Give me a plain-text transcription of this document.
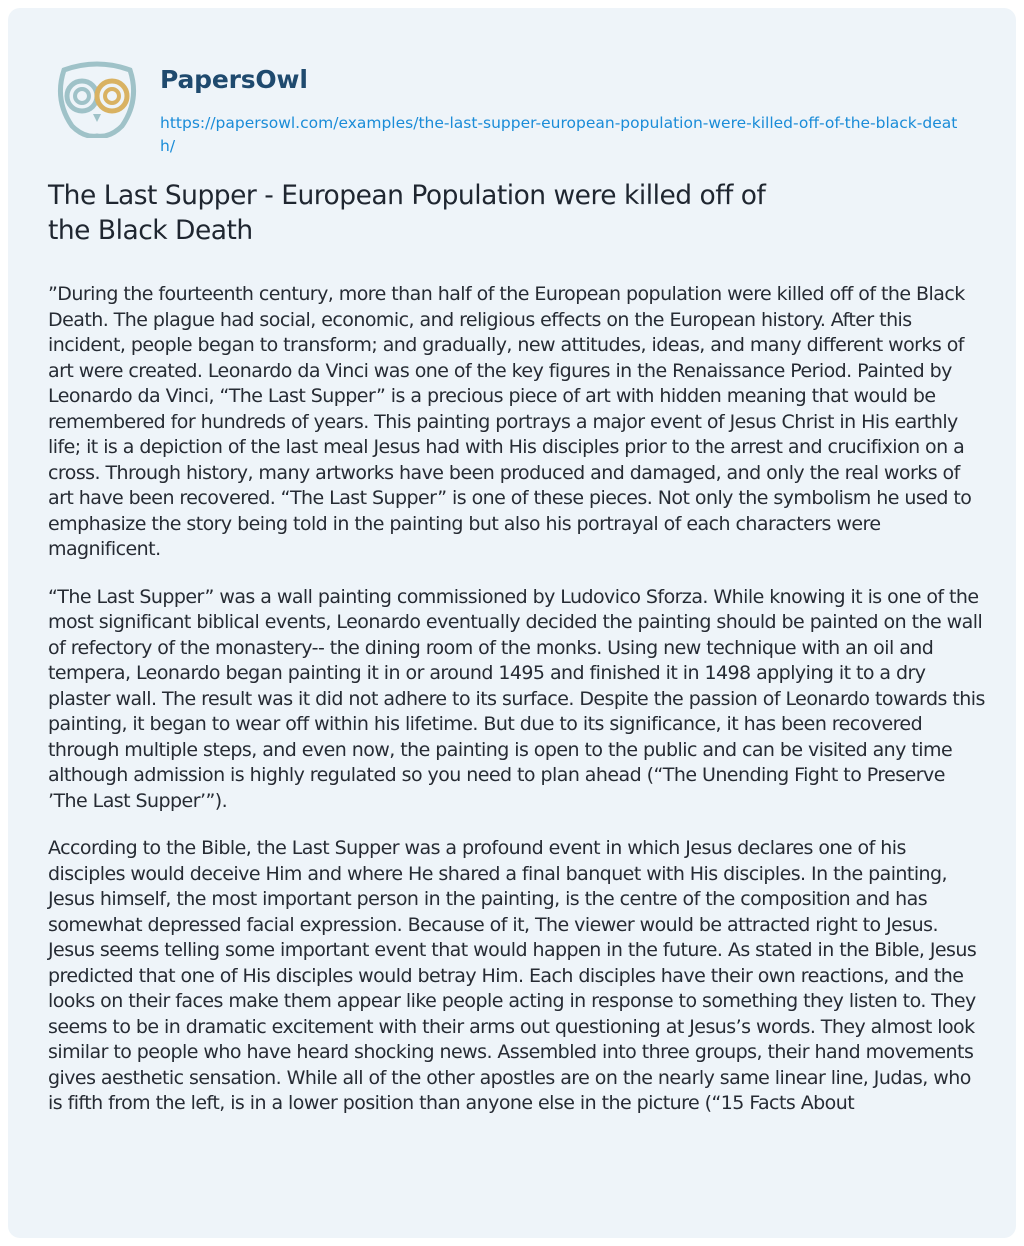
PapersOwl
https://papersowl.com/examples/the-last-supper-european-population-were-killed-off-of-the-black-death/
The Last Supper - European Population were killed off of the Black Death

”During the fourteenth century, more than half of the European population were killed off of the Black Death. The plague had social, economic, and religious effects on the European history. After this incident, people began to transform; and gradually, new attitudes, ideas, and many different works of art were created. Leonardo da Vinci was one of the key figures in the Renaissance Period. Painted by Leonardo da Vinci, “The Last Supper” is a precious piece of art with hidden meaning that would be remembered for hundreds of years. This painting portrays a major event of Jesus Christ in His earthly life; it is a depiction of the last meal Jesus had with His disciples prior to the arrest and crucifixion on a cross. Through history, many artworks have been produced and damaged, and only the real works of art have been recovered. “The Last Supper” is one of these pieces. Not only the symbolism he used to emphasize the story being told in the painting but also his portrayal of each characters were magnificent.

“The Last Supper” was a wall painting commissioned by Ludovico Sforza. While knowing it is one of the most significant biblical events, Leonardo eventually decided the painting should be painted on the wall of refectory of the monastery-- the dining room of the monks. Using new technique with an oil and tempera, Leonardo began painting it in or around 1495 and finished it in 1498 applying it to a dry plaster wall. The result was it did not adhere to its surface. Despite the passion of Leonardo towards this painting, it began to wear off within his lifetime. But due to its significance, it has been recovered through multiple steps, and even now, the painting is open to the public and can be visited any time although admission is highly regulated so you need to plan ahead (“The Unending Fight to Preserve ’The Last Supper’”).

According to the Bible, the Last Supper was a profound event in which Jesus declares one of his disciples would deceive Him and where He shared a final banquet with His disciples. In the painting, Jesus himself, the most important person in the painting, is the centre of the composition and has somewhat depressed facial expression. Because of it, The viewer would be attracted right to Jesus. Jesus seems telling some important event that would happen in the future. As stated in the Bible, Jesus predicted that one of His disciples would betray Him. Each disciples have their own reactions, and the looks on their faces make them appear like people acting in response to something they listen to. They seems to be in dramatic excitement with their arms out questioning at Jesus’s words. They almost look similar to people who have heard shocking news. Assembled into three groups, their hand movements gives aesthetic sensation. While all of the other apostles are on the nearly same linear line, Judas, who is fifth from the left, is in a lower position than anyone else in the picture (“15 Facts About
